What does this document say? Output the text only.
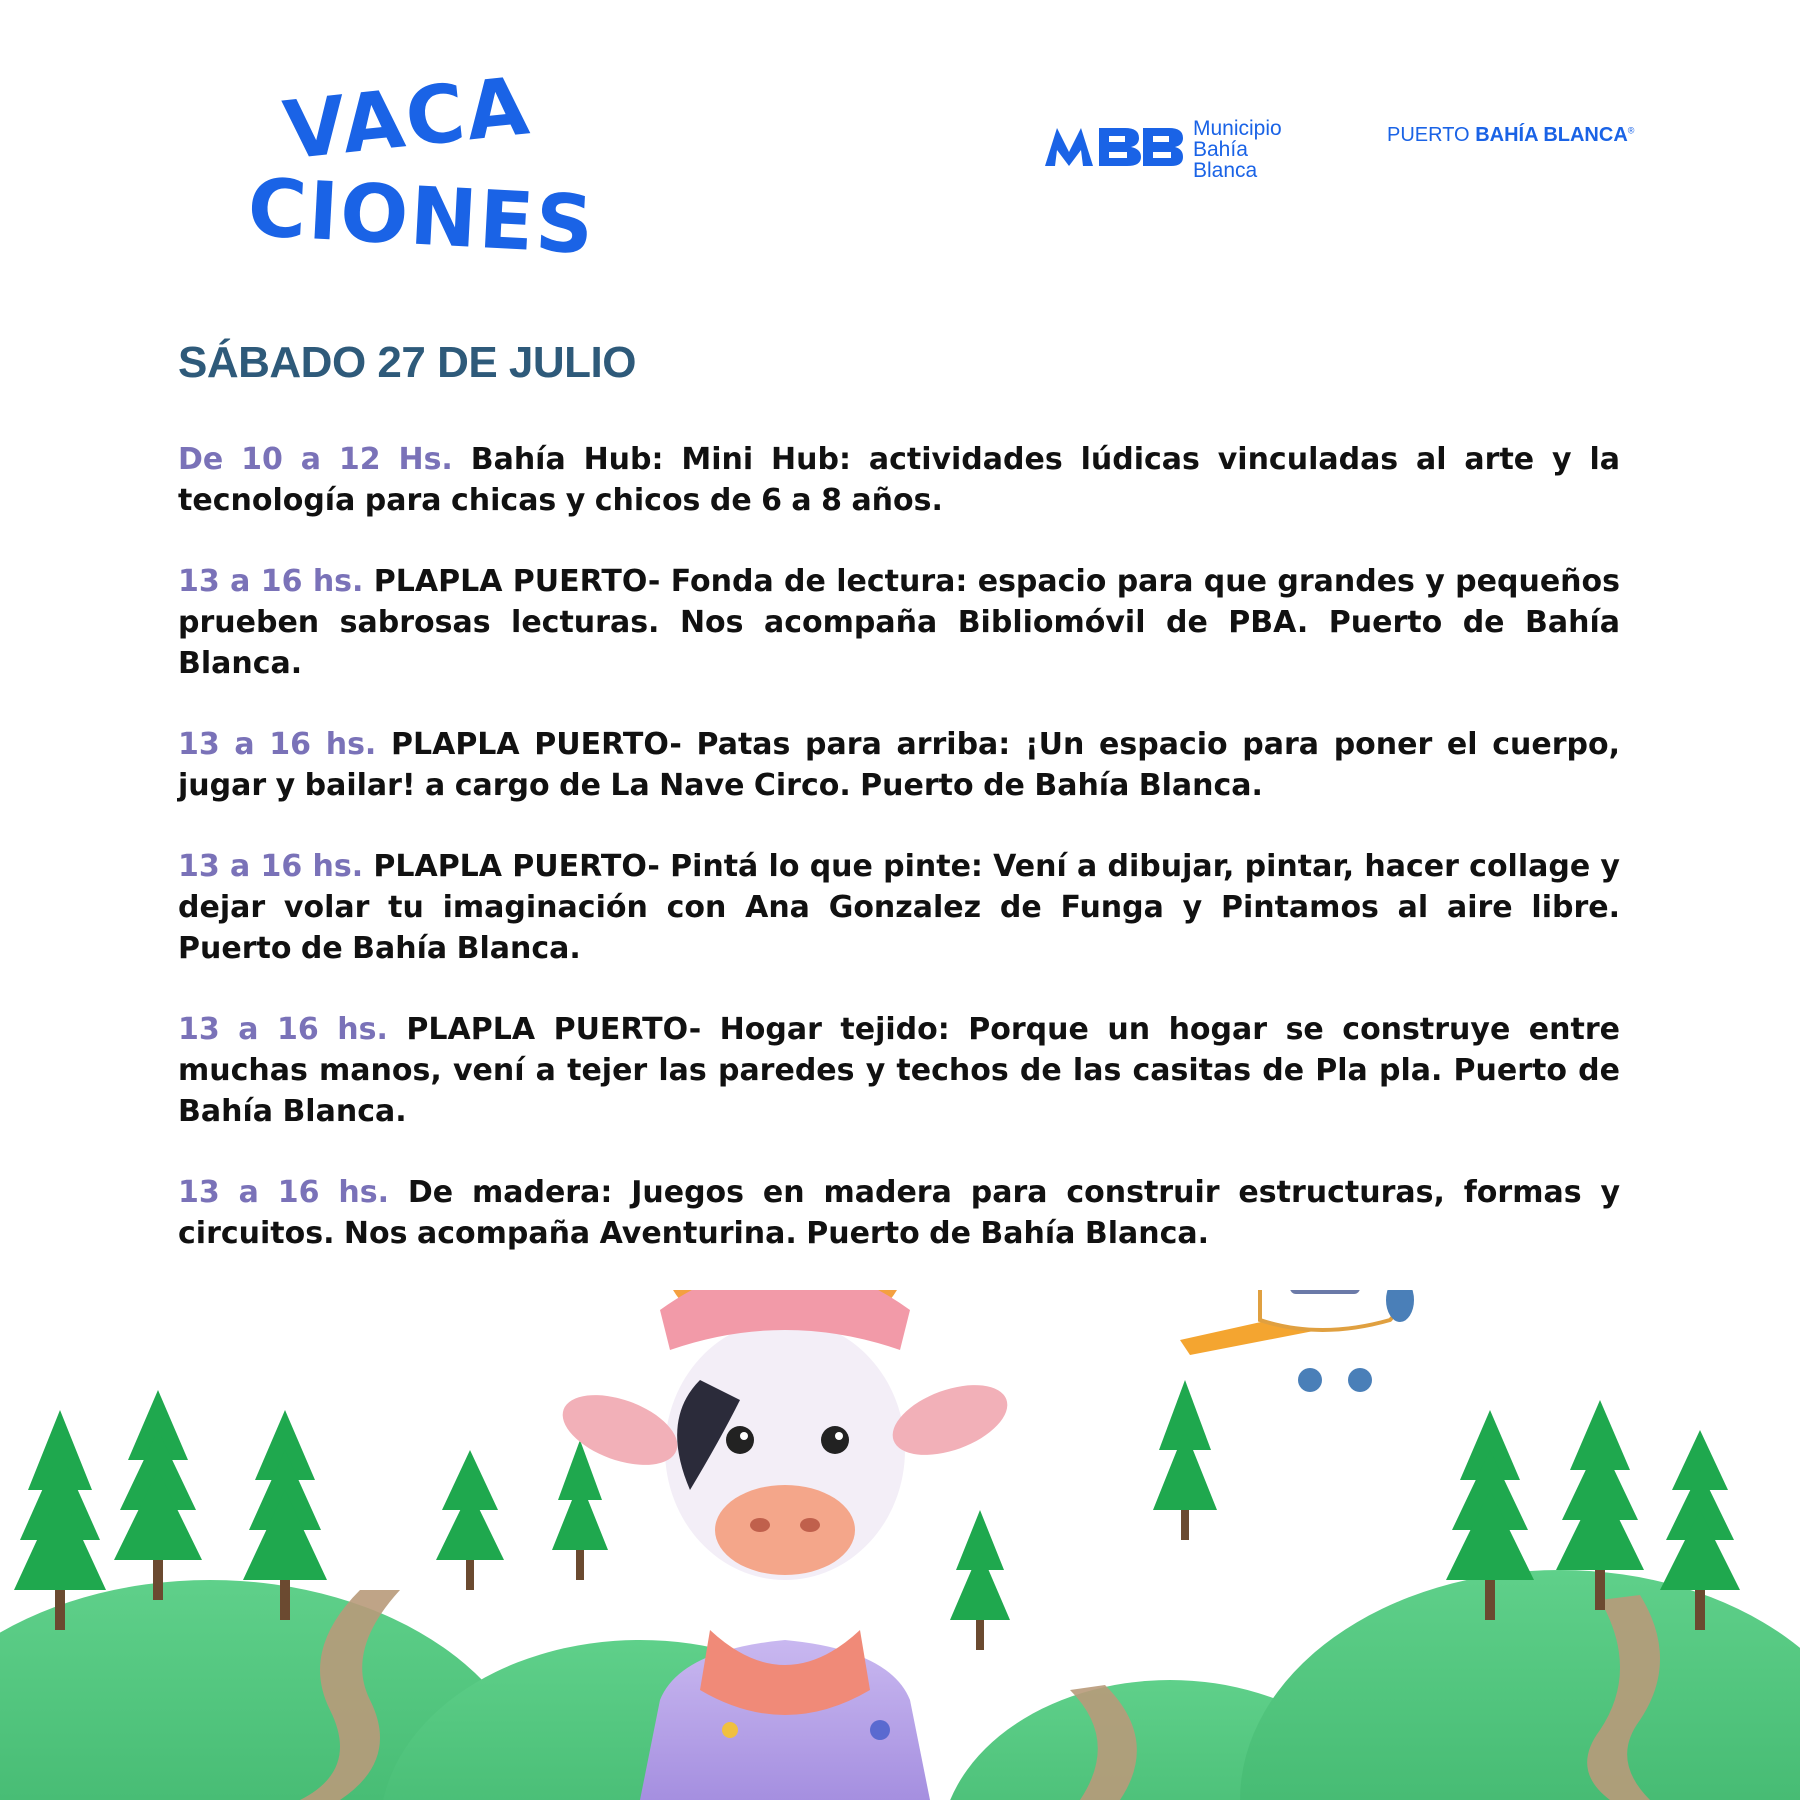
VACA
CIONES
Municipio
Bahía
Blanca
PUERTO BAHÍA BLANCA®
SÁBADO 27 DE JULIO

De 10 a 12 Hs. Bahía Hub: Mini Hub: actividades lúdicas vinculadas al arte y la tecnología para chicas y chicos de 6 a 8 años.

13 a 16 hs. PLAPLA PUERTO- Fonda de lectura: espacio para que grandes y pequeños prueben sabrosas lecturas. Nos acompaña Bibliomóvil de PBA. Puerto de Bahía Blanca.

13 a 16 hs. PLAPLA PUERTO- Patas para arriba: ¡Un espacio para poner el cuerpo, jugar y bailar! a cargo de La Nave Circo. Puerto de Bahía Blanca.

13 a 16 hs. PLAPLA PUERTO- Pintá lo que pinte: Vení a dibujar, pintar, hacer collage y dejar volar tu imaginación con Ana Gonzalez de Funga y Pintamos al aire libre. Puerto de Bahía Blanca.

13 a 16 hs. PLAPLA PUERTO- Hogar tejido: Porque un hogar se construye entre muchas manos, vení a tejer las paredes y techos de las casitas de Pla pla. Puerto de Bahía Blanca.

13 a 16 hs. De madera: Juegos en madera para construir estructuras, formas y circuitos. Nos acompaña Aventurina. Puerto de Bahía Blanca.
